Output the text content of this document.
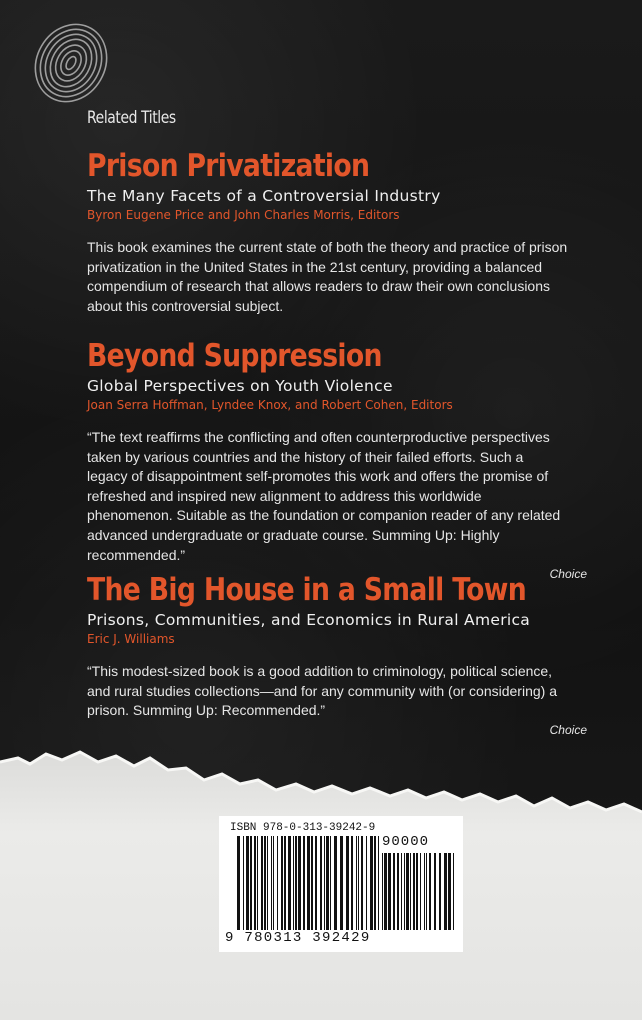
Related Titles
Prison Privatization
The Many Facets of a Controversial Industry
Byron Eugene Price and John Charles Morris, Editors
This book examines the current state of both the theory and practice of prison privatization in the United States in the 21st century, providing a balanced compendium of research that allows readers to draw their own conclusions about this controversial subject.
Beyond Suppression
Global Perspectives on Youth Violence
Joan Serra Hoffman, Lyndee Knox, and Robert Cohen, Editors
“The text reaffirms the conflicting and often counterproductive perspectives taken by various countries and the history of their failed efforts. Such a legacy of disappointment self-promotes this work and offers the promise of refreshed and inspired new alignment to address this worldwide phenomenon. Suitable as the foundation or companion reader of any related advanced undergraduate or graduate course. Summing Up: Highly recommended.”
Choice
The Big House in a Small Town
Prisons, Communities, and Economics in Rural America
Eric J. Williams
“This modest-sized book is a good addition to criminology, political science, and rural studies collections—and for any community with (or considering) a prison. Summing Up: Recommended.”
Choice
ISBN 978-0-313-39242-9
90000
9 780313 392429
